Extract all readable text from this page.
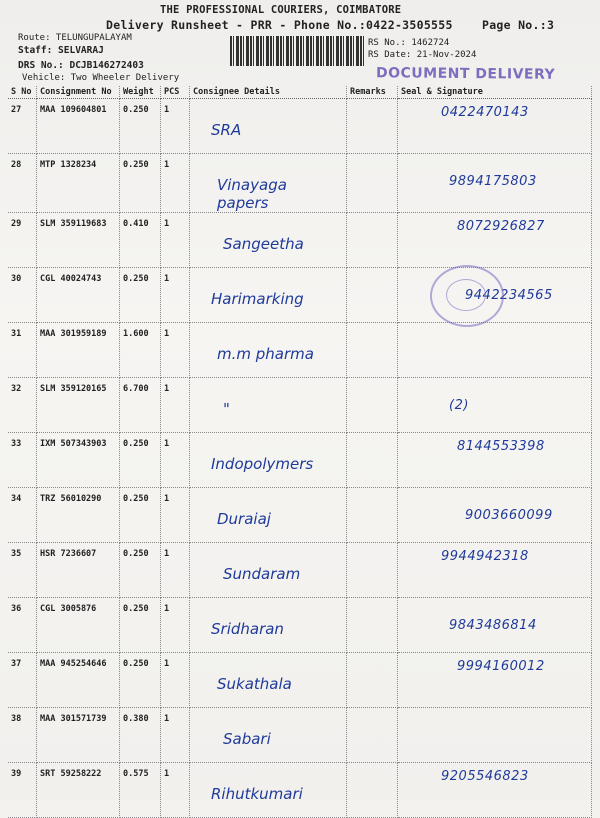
THE PROFESSIONAL COURIERS, COIMBATORE
Delivery Runsheet - PRR - Phone No.:0422-3505555	Page No.:3
Route: TELUNGUPALAYAM
Staff: SELVARAJ
DRS No.: DCJB146272403
Vehicle: Two Wheeler Delivery
RS No.: 1462724
RS Date: 21-Nov-2024
DOCUMENT DELIVERY
S No	Consignment No	Weight	PCS	Consignee Details	Remarks	Seal & Signature
27	MAA 109604801	0.250	1	SRA		0422470143

28	MTP 1328234	0.250	1	Vinayaga papers		9894175803

29	SLM 359119683	0.410	1	Sangeetha		8072926827

30	CGL 40024743	0.250	1	Harimarking		9442234565

31	MAA 301959189	1.600	1	m.m pharma		

32	SLM 359120165	6.700	1	"		(2)

33	IXM 507343903	0.250	1	Indopolymers		8144553398

34	TRZ 56010290	0.250	1	Duraiaj		9003660099

35	HSR 7236607	0.250	1	Sundaram		9944942318

36	CGL 3005876	0.250	1	Sridharan		9843486814

37	MAA 945254646	0.250	1	Sukathala		9994160012

38	MAA 301571739	0.380	1	Sabari		

39	SRT 59258222	0.575	1	Rihutkumari		9205546823
